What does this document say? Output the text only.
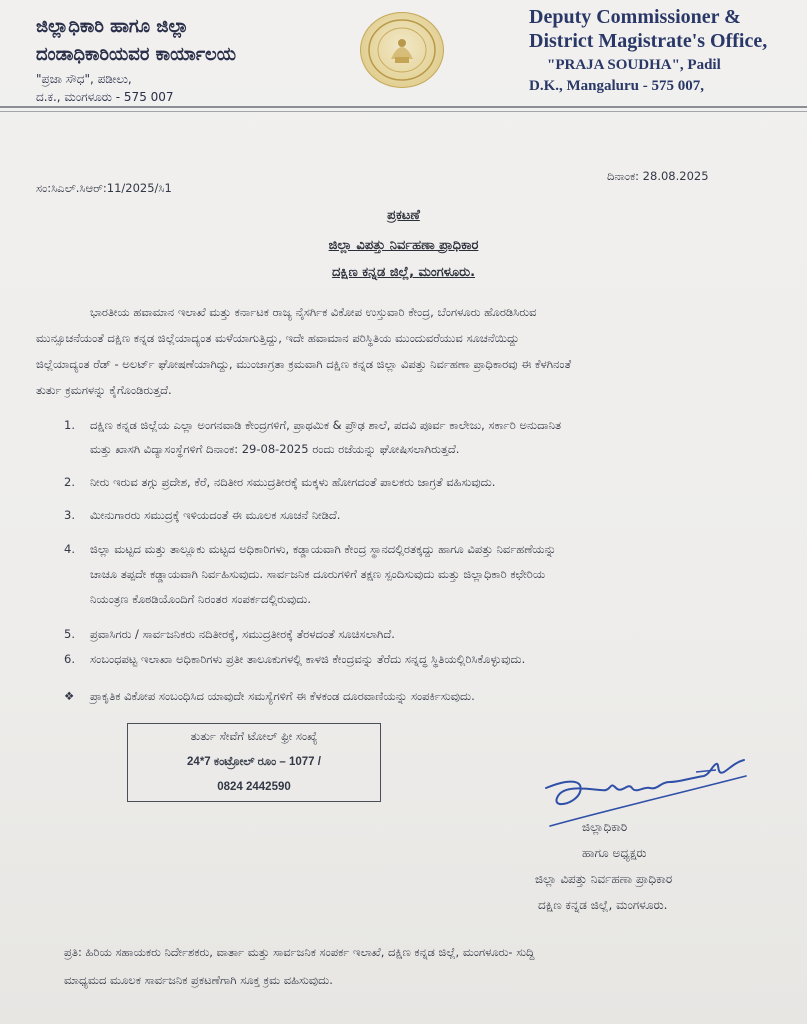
ಜಿಲ್ಲಾಧಿಕಾರಿ ಹಾಗೂ ಜಿಲ್ಲಾ
ದಂಡಾಧಿಕಾರಿಯವರ ಕಾರ್ಯಾಲಯ
"ಪ್ರಜಾ ಸೌಧ", ಪಡೀಲು,
ದ.ಕ., ಮಂಗಳೂರು - 575 007
Deputy Commissioner &
District Magistrate's Office,
"PRAJA SOUDHA", Padil
D.K., Mangaluru - 575 007,
ಸಂ:ಸಿಎಲ್.ಸಿಆರ್:11/2025/ಸಿ1
ದಿನಾಂಕ: 28.08.2025
ಪ್ರಕಟಣೆ
ಜಿಲ್ಲಾ ವಿಪತ್ತು ನಿರ್ವಹಣಾ ಪ್ರಾಧಿಕಾರ
ದಕ್ಷಿಣ ಕನ್ನಡ ಜಿಲ್ಲೆ, ಮಂಗಳೂರು.
ಭಾರತೀಯ ಹವಾಮಾನ ಇಲಾಖೆ ಮತ್ತು ಕರ್ನಾಟಕ ರಾಜ್ಯ ನೈಸರ್ಗಿಕ ವಿಕೋಪ ಉಸ್ತುವಾರಿ ಕೇಂದ್ರ, ಬೆಂಗಳೂರು ಹೊರಡಿಸಿರುವ
ಮುನ್ಸೂಚನೆಯಂತೆ ದಕ್ಷಿಣ ಕನ್ನಡ ಜಿಲ್ಲೆಯಾದ್ಯಂತ ಮಳೆಯಾಗುತ್ತಿದ್ದು, ಇದೇ ಹವಾಮಾನ ಪರಿಸ್ಥಿತಿಯ ಮುಂದುವರೆಯುವ ಸೂಚನೆಯಿದ್ದು
ಜಿಲ್ಲೆಯಾದ್ಯಂತ ರೆಡ್ - ಅಲರ್ಟ್ ಘೋಷಣೆಯಾಗಿದ್ದು, ಮುಂಜಾಗ್ರತಾ ಕ್ರಮವಾಗಿ ದಕ್ಷಿಣ ಕನ್ನಡ ಜಿಲ್ಲಾ ವಿಪತ್ತು ನಿರ್ವಹಣಾ ಪ್ರಾಧಿಕಾರವು ಈ ಕೆಳಗಿನಂತೆ
ತುರ್ತು ಕ್ರಮಗಳನ್ನು ಕೈಗೊಂಡಿರುತ್ತದೆ.
1. ದಕ್ಷಿಣ ಕನ್ನಡ ಜಿಲ್ಲೆಯ ಎಲ್ಲಾ ಅಂಗನವಾಡಿ ಕೇಂದ್ರಗಳಿಗೆ, ಪ್ರಾಥಮಿಕ & ಪ್ರೌಢ ಶಾಲೆ, ಪದವಿ ಪೂರ್ವ ಕಾಲೇಜು, ಸರ್ಕಾರಿ ಅನುದಾನಿತ
ಮತ್ತು ಖಾಸಗಿ ವಿದ್ಯಾಸಂಸ್ಥೆಗಳಿಗೆ ದಿನಾಂಕ: 29-08-2025 ರಂದು ರಜೆಯನ್ನು ಘೋಷಿಸಲಾಗಿರುತ್ತದೆ.
2. ನೀರು ಇರುವ ತಗ್ಗು ಪ್ರದೇಶ, ಕೆರೆ, ನದಿತೀರ ಸಮುದ್ರತೀರಕ್ಕೆ ಮಕ್ಕಳು ಹೋಗದಂತೆ ಪಾಲಕರು ಜಾಗ್ರತೆ ವಹಿಸುವುದು.
3. ಮೀನುಗಾರರು ಸಮುದ್ರಕ್ಕೆ ಇಳಿಯದಂತೆ ಈ ಮೂಲಕ ಸೂಚನೆ ನೀಡಿದೆ.
4. ಜಿಲ್ಲಾ ಮಟ್ಟದ ಮತ್ತು ತಾಲ್ಲೂಕು ಮಟ್ಟದ ಅಧಿಕಾರಿಗಳು, ಕಡ್ಡಾಯವಾಗಿ ಕೇಂದ್ರ ಸ್ಥಾನದಲ್ಲಿರತಕ್ಕದ್ದು ಹಾಗೂ ವಿಪತ್ತು ನಿರ್ವಹಣೆಯನ್ನು
ಚಾಚೂ ತಪ್ಪದೇ ಕಡ್ಡಾಯವಾಗಿ ನಿರ್ವಹಿಸುವುದು. ಸಾರ್ವಜನಿಕ ದೂರುಗಳಿಗೆ ತಕ್ಷಣ ಸ್ಪಂದಿಸುವುದು ಮತ್ತು ಜಿಲ್ಲಾಧಿಕಾರಿ ಕಛೇರಿಯ
ನಿಯಂತ್ರಣ ಕೊಠಡಿಯೊಂದಿಗೆ ನಿರಂತರ ಸಂಪರ್ಕದಲ್ಲಿರುವುದು.
5. ಪ್ರವಾಸಿಗರು / ಸಾರ್ವಜನಿಕರು ನದಿತೀರಕ್ಕೆ, ಸಮುದ್ರತೀರಕ್ಕೆ ತೆರಳದಂತೆ ಸೂಚಿಸಲಾಗಿದೆ.
6. ಸಂಬಂಧಪಟ್ಟ ಇಲಾಖಾ ಅಧಿಕಾರಿಗಳು ಪ್ರತೀ ತಾಲೂಕುಗಳಲ್ಲಿ ಕಾಳಜಿ ಕೇಂದ್ರವನ್ನು ತೆರೆದು ಸನ್ನದ್ಧ ಸ್ಥಿತಿಯಲ್ಲಿರಿಸಿಕೊಳ್ಳುವುದು.
❖ ಪ್ರಾಕೃತಿಕ ವಿಕೋಪ ಸಂಬಂಧಿಸಿದ ಯಾವುದೇ ಸಮಸ್ಯೆಗಳಿಗೆ ಈ ಕೆಳಕಂಡ ದೂರವಾಣಿಯನ್ನು ಸಂಪರ್ಕಿಸುವುದು.
ತುರ್ತು ಸೇವೆಗೆ ಟೋಲ್ ಫ್ರೀ ಸಂಖ್ಯೆ
24*7 ಕಂಟ್ರೋಲ್ ರೂಂ – 1077 /
0824 2442590
ಜಿಲ್ಲಾಧಿಕಾರಿ
ಹಾಗೂ ಅಧ್ಯಕ್ಷರು
ಜಿಲ್ಲಾ ವಿಪತ್ತು ನಿರ್ವಹಣಾ ಪ್ರಾಧಿಕಾರ
ದಕ್ಷಿಣ ಕನ್ನಡ ಜಿಲ್ಲೆ, ಮಂಗಳೂರು.
ಪ್ರತಿ: ಹಿರಿಯ ಸಹಾಯಕರು ನಿರ್ದೇಶಕರು, ವಾರ್ತಾ ಮತ್ತು ಸಾರ್ವಜನಿಕ ಸಂಪರ್ಕ ಇಲಾಖೆ, ದಕ್ಷಿಣ ಕನ್ನಡ ಜಿಲ್ಲೆ, ಮಂಗಳೂರು- ಸುದ್ದಿ
ಮಾಧ್ಯಮದ ಮೂಲಕ ಸಾರ್ವಜನಿಕ ಪ್ರಕಟಣೆಗಾಗಿ ಸೂಕ್ತ ಕ್ರಮ ವಹಿಸುವುದು.
